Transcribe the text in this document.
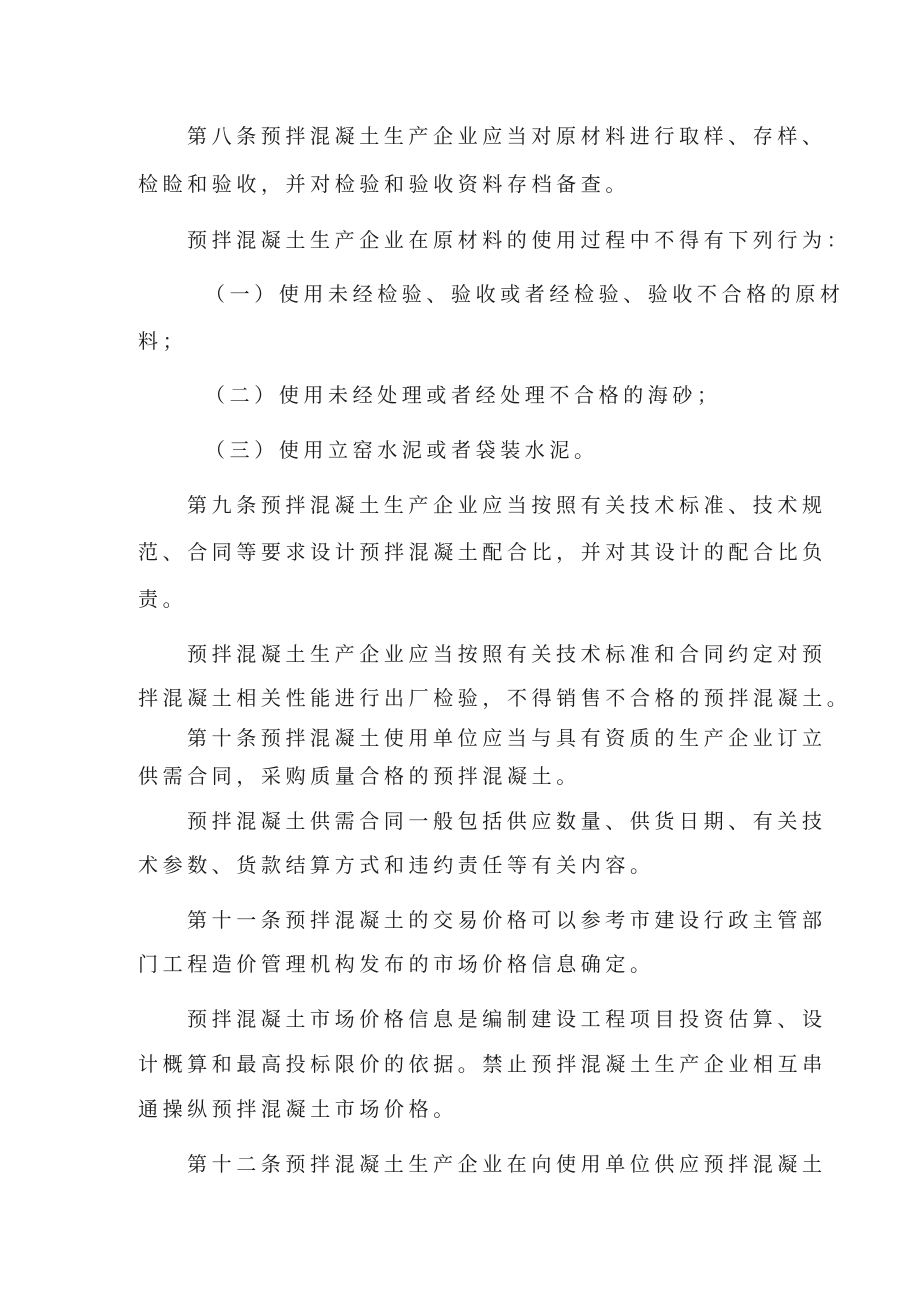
第八条预拌混凝土生产企业应当对原材料进行取样、存样、
检睑和验收，并对检验和验收资料存档备查。
预拌混凝土生产企业在原材料的使用过程中不得有下列行为：
（一）使用未经检验、验收或者经检验、验收不合格的原材
料；
（二）使用未经处理或者经处理不合格的海砂；
（三）使用立窑水泥或者袋装水泥。
第九条预拌混凝土生产企业应当按照有关技术标准、技术规
范、合同等要求设计预拌混凝土配合比，并对其设计的配合比负
责。
预拌混凝土生产企业应当按照有关技术标准和合同约定对预
拌混凝土相关性能进行出厂检验，不得销售不合格的预拌混凝土。
第十条预拌混凝土使用单位应当与具有资质的生产企业订立
供需合同，采购质量合格的预拌混凝土。
预拌混凝土供需合同一般包括供应数量、供货日期、有关技
术参数、货款结算方式和违约责任等有关内容。
第十一条预拌混凝土的交易价格可以参考市建设行政主管部
门工程造价管理机构发布的市场价格信息确定。
预拌混凝土市场价格信息是编制建设工程项目投资估算、设
计概算和最高投标限价的依据。禁止预拌混凝土生产企业相互串
通操纵预拌混凝土市场价格。
第十二条预拌混凝土生产企业在向使用单位供应预拌混凝土
